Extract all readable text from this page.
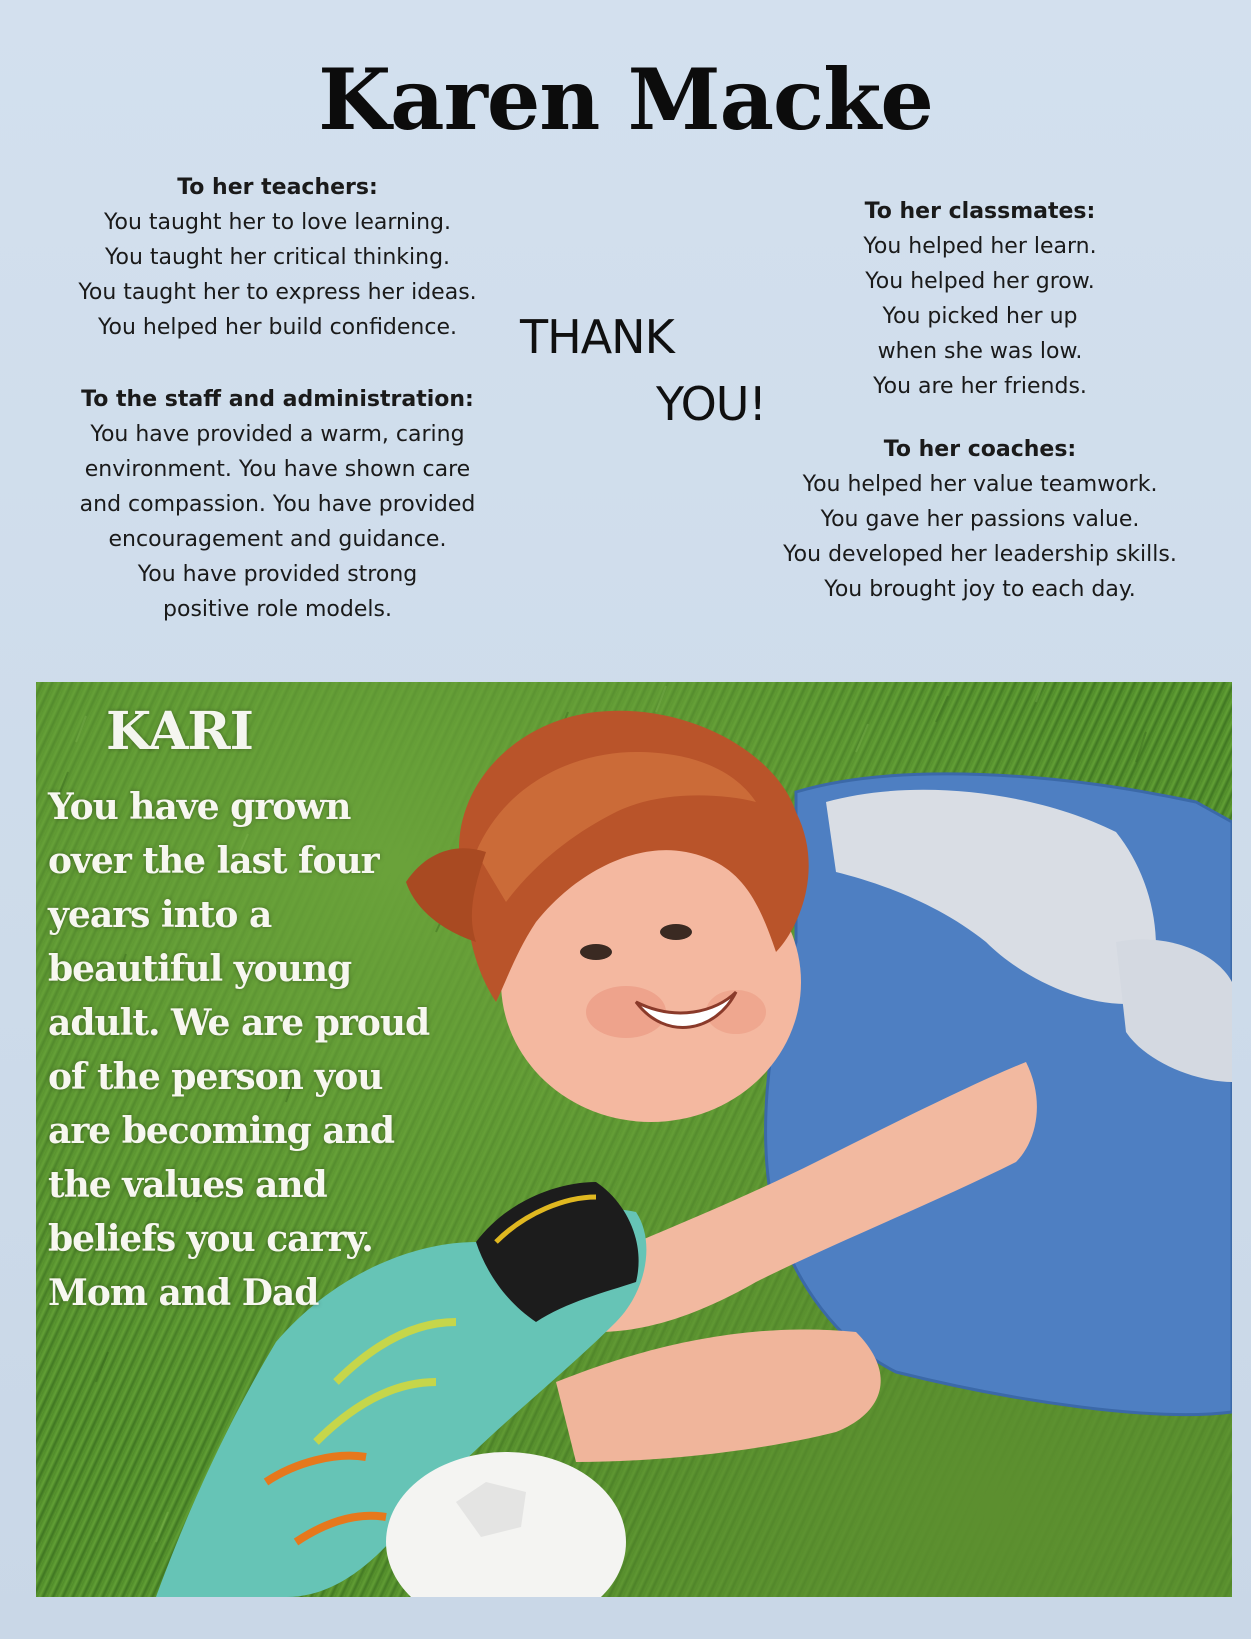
Karen Macke
To her teachers:
You taught her to love learning.
You taught her critical thinking.
You taught her to express her ideas.
You helped her build confidence.
To the staff and administration:
You have provided a warm, caring
environment. You have shown care
and compassion. You have provided
encouragement and guidance.
You have provided strong
positive role models.
THANK
YOU!
To her classmates:
You helped her learn.
You helped her grow.
You picked her up
when she was low.
You are her friends.
To her coaches:
You helped her value teamwork.
You gave her passions value.
You developed her leadership skills.
You brought joy to each day.
KARI
You have grown
over the last four
years into a
beautiful young
adult. We are proud
of the person you
are becoming and
the values and
beliefs you carry.
Mom and Dad
